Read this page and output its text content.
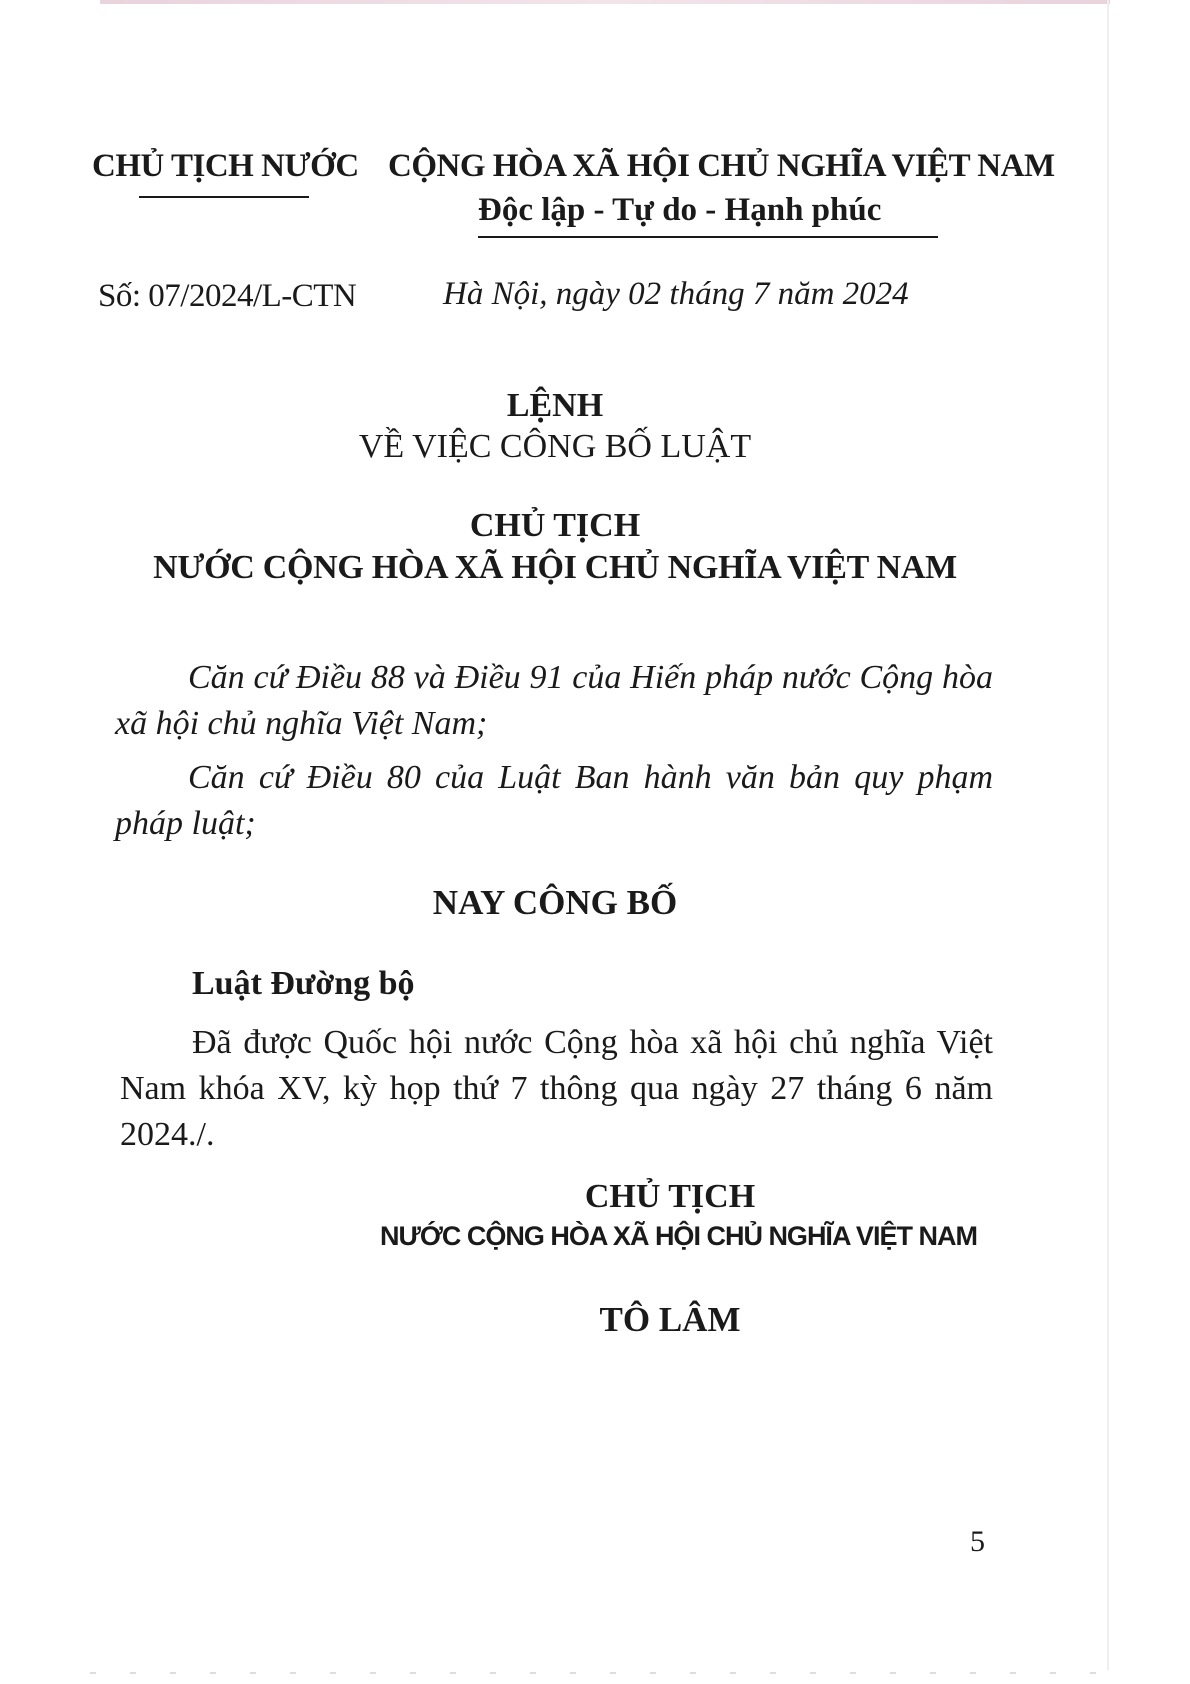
CHỦ TỊCH NƯỚC CỘNG HÒA XÃ HỘI CHỦ NGHĨA VIỆT NAM
Độc lập - Tự do - Hạnh phúc
Số: 07/2024/L-CTN	Hà Nội, ngày 02 tháng 7 năm 2024
LỆNH
VỀ VIỆC CÔNG BỐ LUẬT
CHỦ TỊCH
NƯỚC CỘNG HÒA XÃ HỘI CHỦ NGHĨA VIỆT NAM
Căn cứ Điều 88 và Điều 91 của Hiến pháp nước Cộng hòa xã hội chủ nghĩa Việt Nam;
Căn cứ Điều 80 của Luật Ban hành văn bản quy phạm pháp luật;
NAY CÔNG BỐ
Luật Đường bộ
Đã được Quốc hội nước Cộng hòa xã hội chủ nghĩa Việt Nam khóa XV, kỳ họp thứ 7 thông qua ngày 27 tháng 6 năm 2024./.
CHỦ TỊCH
NƯỚC CỘNG HÒA XÃ HỘI CHỦ NGHĨA VIỆT NAM
TÔ LÂM
5
